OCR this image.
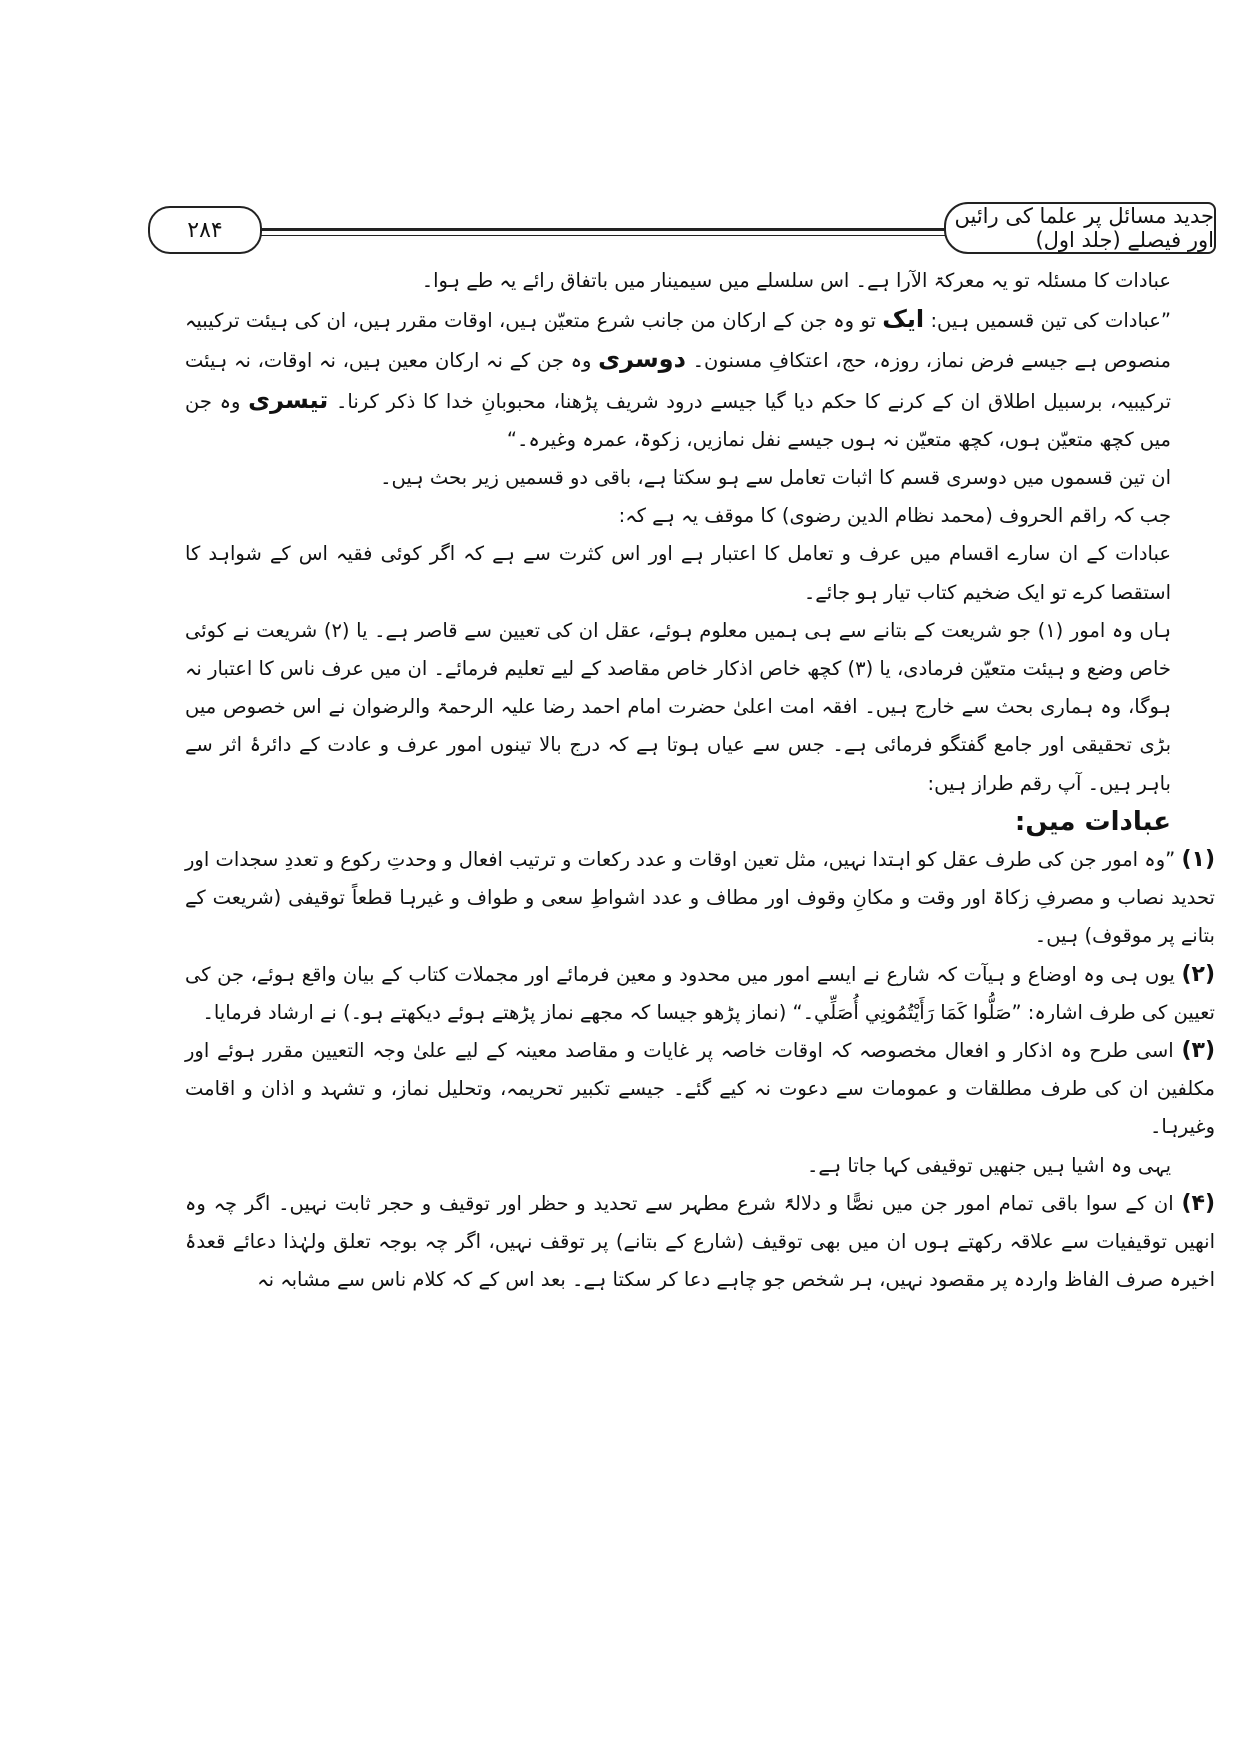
۲۸۴
جدید مسائل پر علما کی رائیں اور فیصلے (جلد اول)

عبادات کا مسئلہ تو یہ معرکۃ الآرا ہے۔ اس سلسلے میں سیمینار میں باتفاق رائے یہ طے ہوا۔

”عبادات کی تین قسمیں ہیں: ایک تو وہ جن کے ارکان من جانب شرع متعیّن ہیں، اوقات مقرر ہیں، ان کی ہیئت ترکیبیہ منصوص ہے جیسے فرض نماز، روزہ، حج، اعتکافِ مسنون۔ دوسری وہ جن کے نہ ارکان معین ہیں، نہ اوقات، نہ ہیئت ترکیبیہ، برسبیل اطلاق ان کے کرنے کا حکم دیا گیا جیسے درود شریف پڑھنا، محبوبانِ خدا کا ذکر کرنا۔ تیسری وہ جن میں کچھ متعیّن ہوں، کچھ متعیّن نہ ہوں جیسے نفل نمازیں، زکوۃ، عمرہ وغیرہ۔“

ان تین قسموں میں دوسری قسم کا اثبات تعامل سے ہو سکتا ہے، باقی دو قسمیں زیر بحث ہیں۔

جب کہ راقم الحروف (محمد نظام الدین رضوی) کا موقف یہ ہے کہ:

عبادات کے ان سارے اقسام میں عرف و تعامل کا اعتبار ہے اور اس کثرت سے ہے کہ اگر کوئی فقیہ اس کے شواہد کا استقصا کرے تو ایک ضخیم کتاب تیار ہو جائے۔

ہاں وہ امور (۱) جو شریعت کے بتانے سے ہی ہمیں معلوم ہوئے، عقل ان کی تعیین سے قاصر ہے۔ یا (۲) شریعت نے کوئی خاص وضع و ہیئت متعیّن فرمادی، یا (۳) کچھ خاص اذکار خاص مقاصد کے لیے تعلیم فرمائے۔ ان میں عرف ناس کا اعتبار نہ ہوگا، وہ ہماری بحث سے خارج ہیں۔ افقہ امت اعلیٰ حضرت امام احمد رضا علیہ الرحمۃ والرضوان نے اس خصوص میں بڑی تحقیقی اور جامع گفتگو فرمائی ہے۔ جس سے عیاں ہوتا ہے کہ درج بالا تینوں امور عرف و عادت کے دائرۂ اثر سے باہر ہیں۔ آپ رقم طراز ہیں:

عبادات میں:

(۱) ”وہ امور جن کی طرف عقل کو اہتدا نہیں، مثل تعین اوقات و عدد رکعات و ترتیب افعال و وحدتِ رکوع و تعددِ سجدات اور تحدید نصاب و مصرفِ زکاۃ اور وقت و مکانِ وقوف اور مطاف و عدد اشواطِ سعی و طواف و غیرہا قطعاً توقیفی (شریعت کے بتانے پر موقوف) ہیں۔

(۲) یوں ہی وہ اوضاع و ہیآت کہ شارع نے ایسے امور میں محدود و معین فرمائے اور مجملات کتاب کے بیان واقع ہوئے، جن کی تعیین کی طرف اشارہ: ”صَلُّوا كَمَا رَأَيْتُمُونِي أُصَلِّي۔“ (نماز پڑھو جیسا کہ مجھے نماز پڑھتے ہوئے دیکھتے ہو۔) نے ارشاد فرمایا۔

(۳) اسی طرح وہ اذکار و افعال مخصوصہ کہ اوقات خاصہ پر غایات و مقاصد معینہ کے لیے علیٰ وجہ التعیین مقرر ہوئے اور مکلفین ان کی طرف مطلقات و عمومات سے دعوت نہ کیے گئے۔ جیسے تکبیر تحریمہ، وتحلیل نماز، و تشہد و اذان و اقامت وغیرہا۔

یہی وہ اشیا ہیں جنھیں توقیفی کہا جاتا ہے۔

(۴) ان کے سوا باقی تمام امور جن میں نصًّا و دلالۃً شرع مطہر سے تحدید و حظر اور توقیف و حجر ثابت نہیں۔ اگر چہ وہ انھیں توقیفیات سے علاقہ رکھتے ہوں ان میں بھی توقیف (شارع کے بتانے) پر توقف نہیں، اگر چہ بوجہ تعلق ولہٰذا دعائے قعدۂ اخیرہ صرف الفاظ واردہ پر مقصود نہیں، ہر شخص جو چاہے دعا کر سکتا ہے۔ بعد اس کے کہ کلام ناس سے مشابہ نہ
